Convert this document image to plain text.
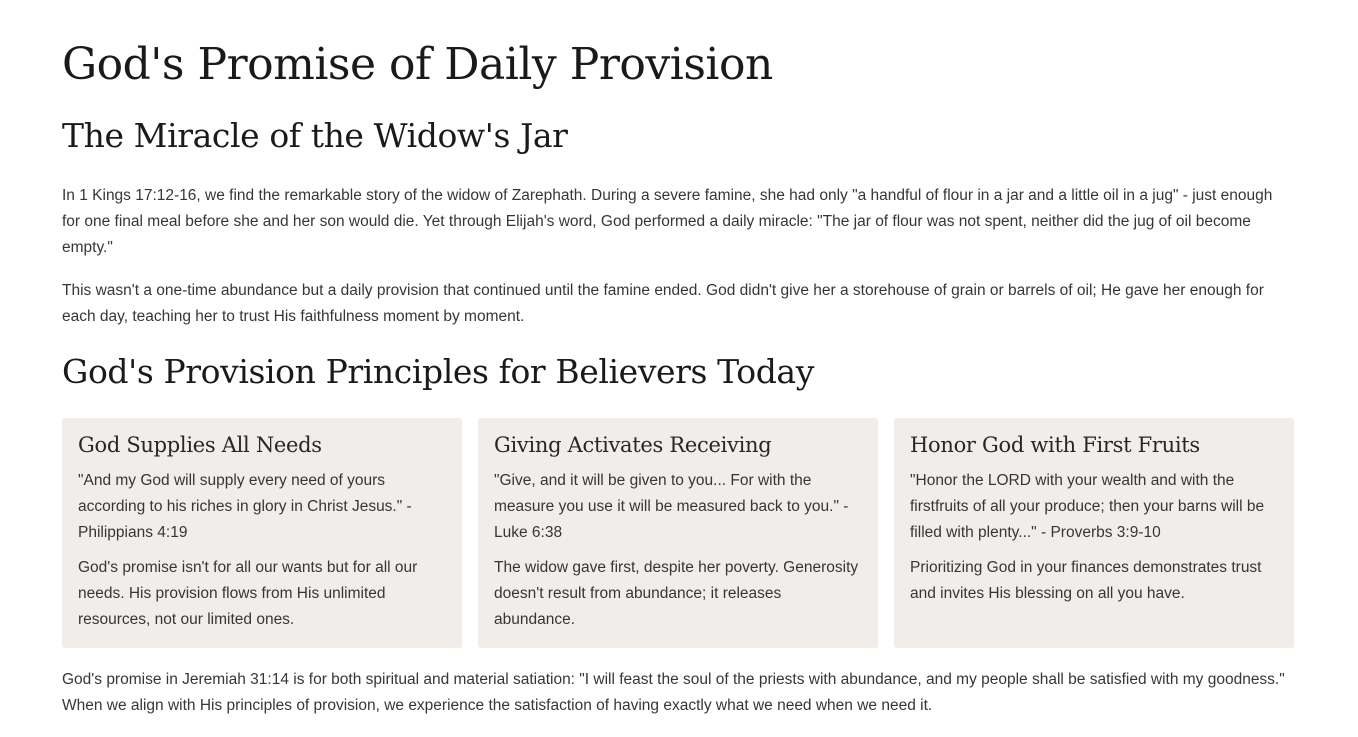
God's Promise of Daily Provision
The Miracle of the Widow's Jar

In 1 Kings 17:12-16, we find the remarkable story of the widow of Zarephath. During a severe famine, she had only "a handful of flour in a jar and a little oil in a jug" - just enough for one final meal before she and her son would die. Yet through Elijah's word, God performed a daily miracle: "The jar of flour was not spent, neither did the jug of oil become empty."

This wasn't a one-time abundance but a daily provision that continued until the famine ended. God didn't give her a storehouse of grain or barrels of oil; He gave her enough for each day, teaching her to trust His faithfulness moment by moment.

God's Provision Principles for Believers Today
God Supplies All Needs

"And my God will supply every need of yours according to his riches in glory in Christ Jesus." - Philippians 4:19

God's promise isn't for all our wants but for all our needs. His provision flows from His unlimited resources, not our limited ones.

Giving Activates Receiving

"Give, and it will be given to you... For with the measure you use it will be measured back to you." - Luke 6:38

The widow gave first, despite her poverty. Generosity doesn't result from abundance; it releases abundance.

Honor God with First Fruits

"Honor the LORD with your wealth and with the firstfruits of all your produce; then your barns will be filled with plenty..." - Proverbs 3:9-10

Prioritizing God in your finances demonstrates trust and invites His blessing on all you have.

God's promise in Jeremiah 31:14 is for both spiritual and material satiation: "I will feast the soul of the priests with abundance, and my people shall be satisfied with my goodness." When we align with His principles of provision, we experience the satisfaction of having exactly what we need when we need it.
